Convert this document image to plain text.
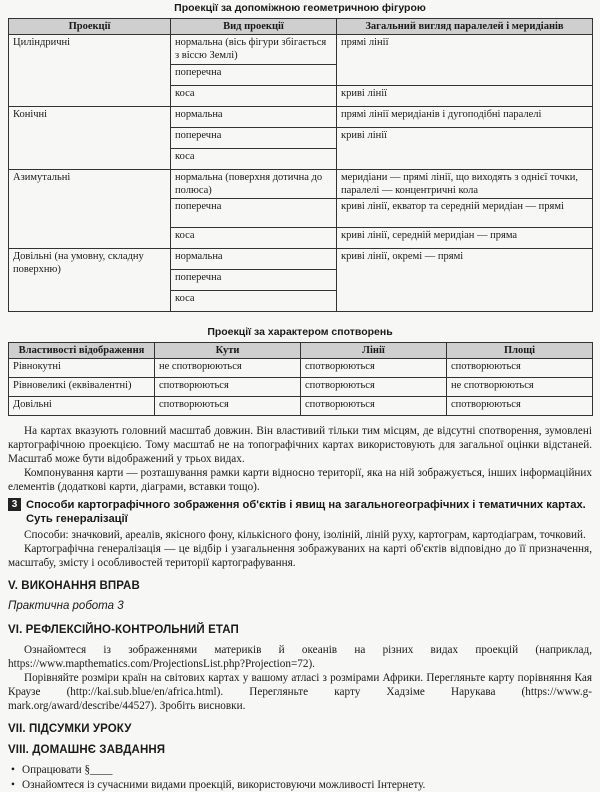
Проекції за допоміжною геометричною фігурою
Проекції	Вид проекції	Загальний вигляд паралелей і меридіанів
Циліндричні	нормальна (вісь фігури збігається з віссю Землі)	прямі лінії
	поперечна	
	коса	криві лінії
Конічні	нормальна	прямі лінії меридіанів і дугоподібні паралелі
	поперечна	криві лінії
	коса	
Азимутальні	нормальна (поверхня дотична до полюса)	меридіани — прямі лінії, що виходять з однієї точки, паралелі — концентричні кола
	поперечна	криві лінії, екватор та середній меридіан — прямі
	коса	криві лінії, середній меридіан — пряма
Довільні (на умовну, складну поверхню)	нормальна	криві лінії, окремі — прямі
	поперечна	
	коса	
Проекції за характером спотворень
Властивості відображення	Кути	Лінії	Площі
Рівнокутні	не спотворюються	спотворюються	спотворюються
Рівновеликі (еквівалентні)	спотворюються	спотворюються	не спотворюються
Довільні	спотворюються	спотворюються	спотворюються

На картах вказують головний масштаб довжин. Він властивий тільки тим місцям, де відсутні спотворення, зумовлені картографічною проекцією. Тому масштаб не на топографічних картах використовують для загальної оцінки відстаней. Масштаб може бути відображений у трьох видах.

Компонування карти — розташування рамки карти відносно території, яка на ній зображується, інших інформаційних елементів (додаткові карти, діаграми, вставки тощо).

3 Способи картографічного зображення об'єктів і явищ на загальногеографічних і тематичних картах.
Суть генералізації

Способи: значковий, ареалів, якісного фону, кількісного фону, ізоліній, ліній руху, картограм, картодіаграм, точковий.

Картографічна генералізація — це відбір і узагальнення зображуваних на карті об'єктів відповідно до її призначення, масштабу, змісту і особливостей території картографування.

V. ВИКОНАННЯ ВПРАВ
Практична робота 3
VI. РЕФЛЕКСІЙНО-КОНТРОЛЬНИЙ ЕТАП

Ознайомтеся із зображеннями материків й океанів на різних видах проекцій (наприклад, https://www.mapthematics.com/ProjectionsList.php?Projection=72).

Порівняйте розміри країн на світових картах у вашому атласі з розмірами Африки. Перегляньте карту порівняння Кая Краузе (http://kai.sub.blue/en/africa.html). Перегляньте карту Хадзіме Нарукава (https://www.g-mark.org/award/describe/44527). Зробіть висновки.

VII. ПІДСУМКИ УРОКУ
VIII. ДОМАШНЄ ЗАВДАННЯ
• Опрацювати §____
• Ознайомтеся із сучасними видами проекцій, використовуючи можливості Інтернету.
